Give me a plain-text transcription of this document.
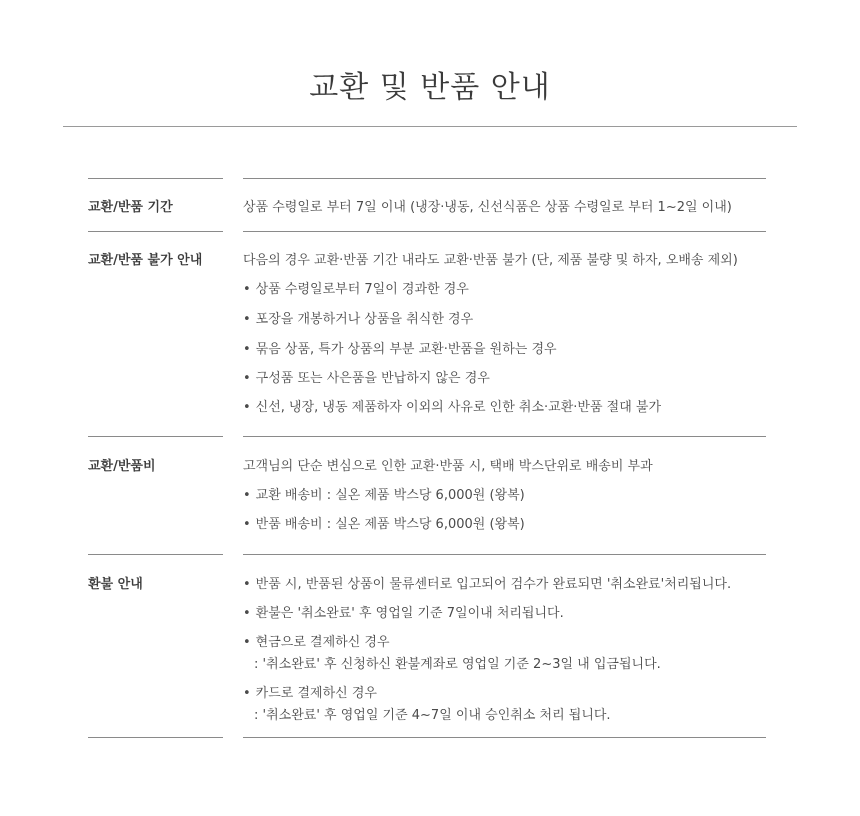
교환 및 반품 안내
교환/반품 기간	상품 수령일로 부터 7일 이내 (냉장·냉동, 신선식품은 상품 수령일로 부터 1~2일 이내)
교환/반품 불가 안내	다음의 경우 교환·반품 기간 내라도 교환·반품 불가 (단, 제품 불량 및 하자, 오배송 제외)
• 상품 수령일로부터 7일이 경과한 경우
• 포장을 개봉하거나 상품을 취식한 경우
• 묶음 상품, 특가 상품의 부분 교환·반품을 원하는 경우
• 구성품 또는 사은품을 반납하지 않은 경우
• 신선, 냉장, 냉동 제품하자 이외의 사유로 인한 취소·교환·반품 절대 불가
교환/반품비	고객님의 단순 변심으로 인한 교환·반품 시, 택배 박스단위로 배송비 부과
• 교환 배송비 : 실온 제품 박스당 6,000원 (왕복)
• 반품 배송비 : 실온 제품 박스당 6,000원 (왕복)
환불 안내
•	반품 시, 반품된 상품이 물류센터로 입고되어 검수가 완료되면 '취소완료'처리됩니다.
• 환불은 '취소완료' 후 영업일 기준 7일이내 처리됩니다.
• 현금으로 결제하신 경우
: '취소완료' 후 신청하신 환불계좌로 영업일 기준 2~3일 내 입금됩니다.
• 카드로 결제하신 경우
: '취소완료' 후 영업일 기준 4~7일 이내 승인취소 처리 됩니다.
